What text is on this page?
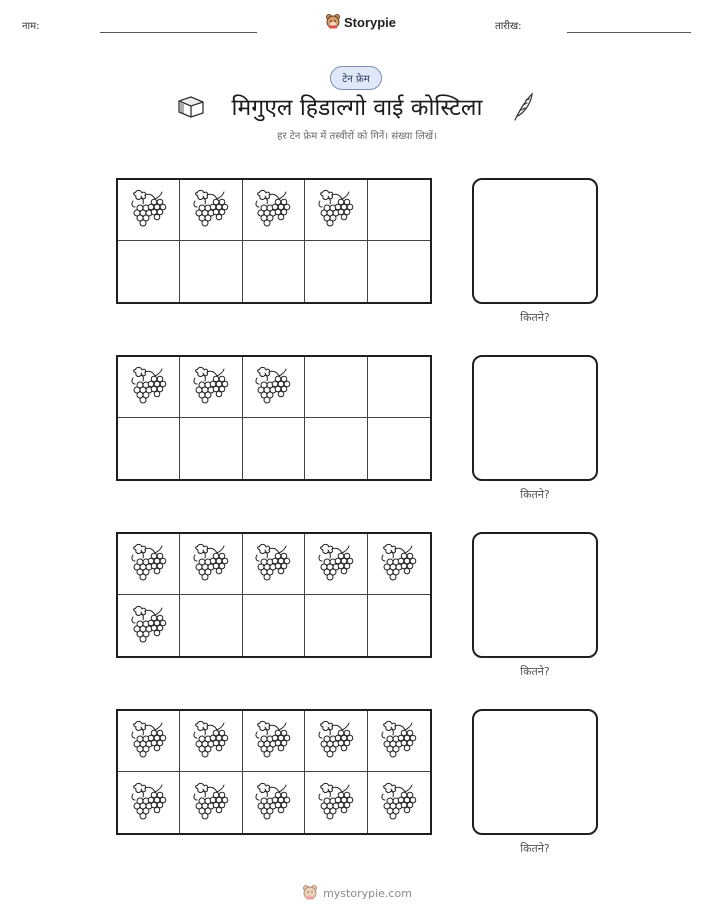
नाम:	Storypie	तारीख:
टेन फ्रेम
मिगुएल हिडाल्गो वाई कोस्टिला
हर टेन फ्रेम में तस्वीरों को गिनें। संख्या लिखें।
कितने?
कितने?
कितने?
कितने?
mystorypie.com
